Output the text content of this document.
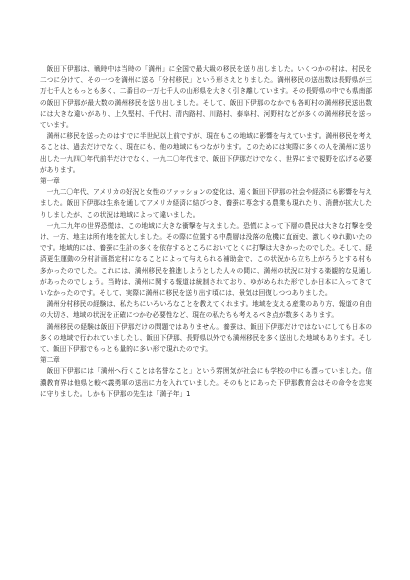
飯田下伊那は、戦時中は当時の「満州」に全国で最大級の移民を送り出しました。いくつかの村は、村民を二つに分けて、その一つを満州に送る「分村移民」という形さえとりました。満州移民の送出数は長野県が三万七千人ともっとも多く、二番目の一万七千人の山形県を大きく引き離しています。その長野県の中でも県南部の飯田下伊那が最大数の満州移民を送り出しました。そして、飯田下伊那のなかでも各町村の満州移民送出数には大きな違いがあり、上久堅村、千代村、清内路村、川路村、泰阜村、河野村などが多くの満州移民を送っています。

満州に移民を送ったのはすでに半世紀以上前ですが、現在もこの地域に影響を与えています。満州移民を考えることは、過去だけでなく、現在にも、他の地域にもつながります。このためには実際に多くの人を満州に送り出した一九四〇年代前半だけでなく、一九二〇年代まで、飯田下伊那だけでなく、世界にまで視野を広げる必要があります。

第一章

一九二〇年代、アメリカの好況と女性のファッションの変化は、遠く飯田下伊那の社会や経済にも影響を与えました。飯田下伊那は生糸を通してアメリカ経済に結びつき、養蚕に専念する農業も現れたり、消費が拡大したりしましたが、この状況は地域によって違いました。

一九二九年の世界恐慌は、この地域に大きな衝撃を与えました。恐慌によって下層の農民は大きな打撃を受け、一方、地主は所有地を拡大しました。その際に位置する中農層は没落の危機に直面史、激しくゆれ動いたのです。地域的には、養蚕に生計の多くを依存するところにおいてとくに打撃は大きかったのでした。そして、経済更生運動の分村計画指定村になることによって与えられる補助金で、この状況から立ち上がろうとする村も多かったのでした。これには、満州移民を推進しようとした人々の間に、満州の状況に対する楽観的な見通しがあったのでしょう。当時は、満州に関する報道は統制されており、ゆがめられた形でしか日本に入ってきていなかったのです。そして、実際に満州に移民を送り出す頃には、景気は回復しつつありました。

満州分村移民の経験は、私たちにいろいろなことを教えてくれます。地域を支える産業のあり方、報道の自由の大切さ、地域の状況を正確につかむ必要性など、現在の私たちも考えるべき点が数多くあります。

満州移民の経験は飯田下伊那だけの問題ではありません。養蚕は、飯田下伊那だけではないにしても日本の多くの地域で行われていましたし、飯田下伊那、長野県以外でも満州移民を多く送出した地域もあります。そして、飯田下伊那でもっとも量的に多い形で現れたのです。

第二章

飯田下伊那には「満州へ行くことは名誉なこと」という雰囲気が社会にも学校の中にも漂っていました。信濃教育界は他県と較べ義勇軍の送出に力を入れていました。そのもとにあった下伊那教育会はその命令を忠実に守りました。しかも下伊那の先生は「満子年」1
